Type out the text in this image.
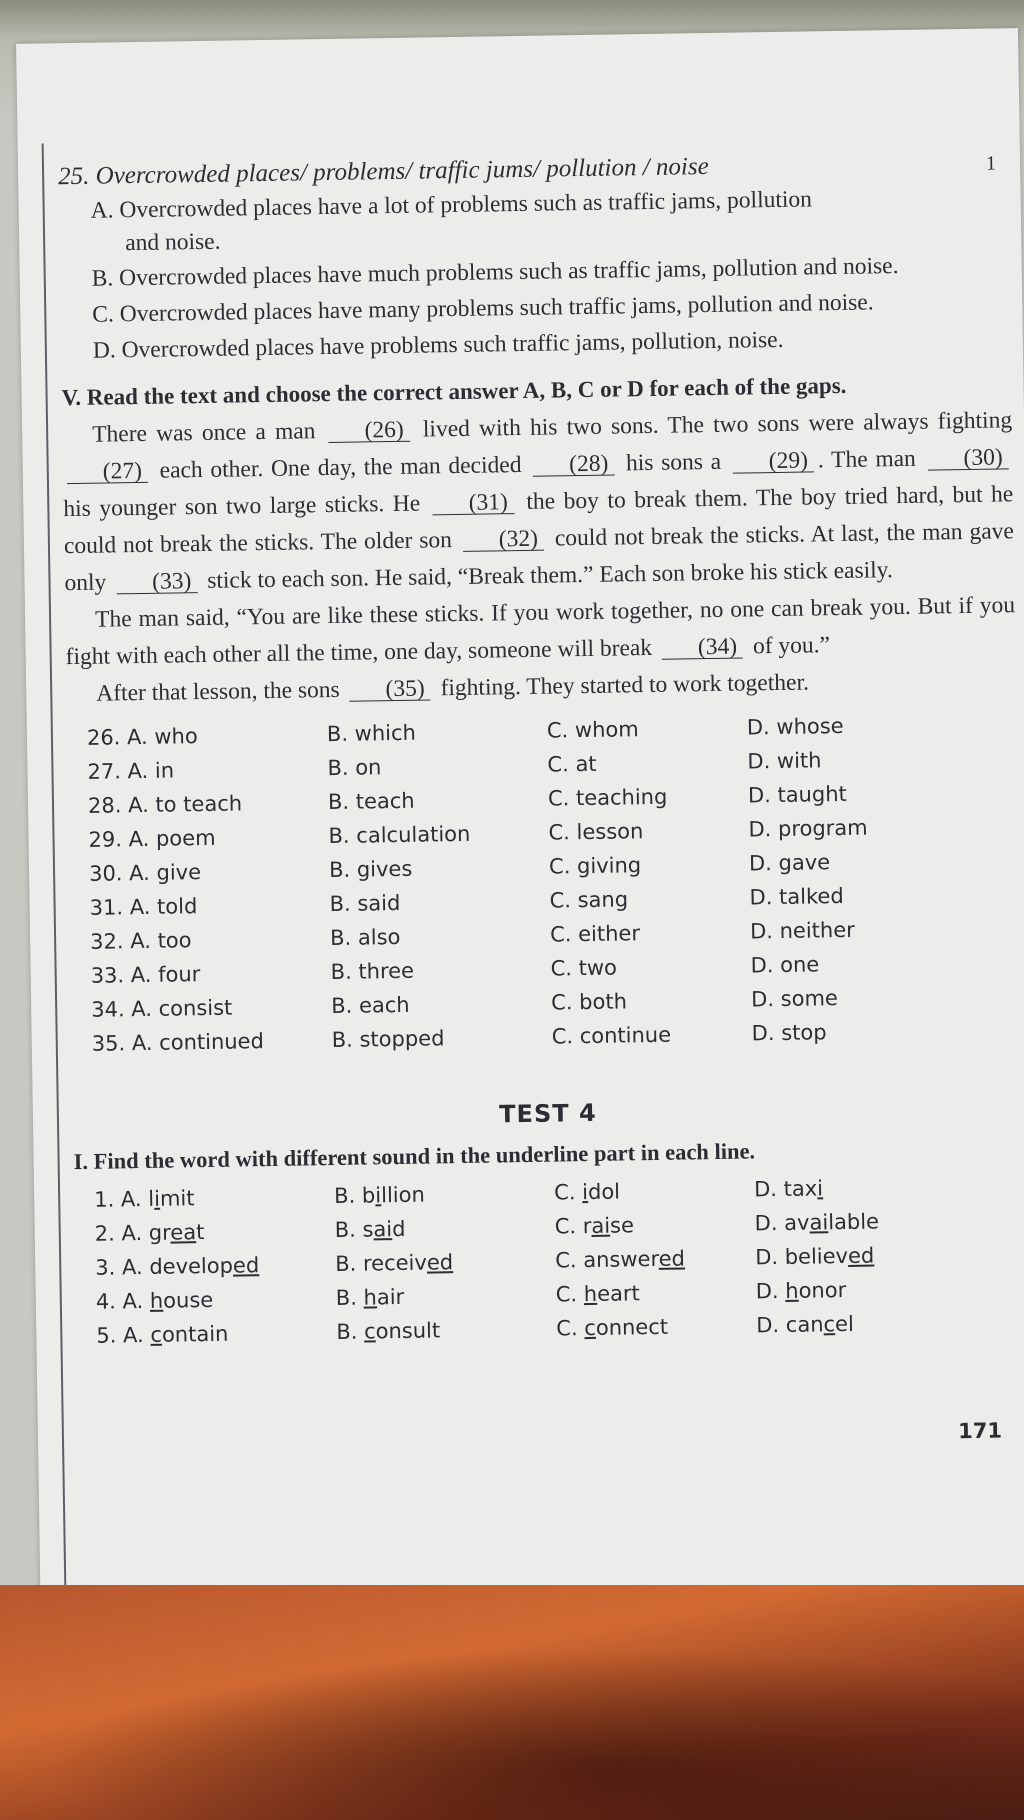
1
25. Overcrowded places/ problems/ traffic jums/ pollution / noise
A. Overcrowded places have a lot of problems such as traffic jams, pollution
and noise.
B. Overcrowded places have much problems such as traffic jams, pollution and noise.
C. Overcrowded places have many problems such traffic jams, pollution and noise.
D. Overcrowded places have problems such traffic jams, pollution, noise.
V. Read the text and choose the correct answer A, B, C or D for each of the gaps.

There was once a man (26) lived with his two sons. The two sons were always fighting (27) each other. One day, the man decided (28) his sons a (29) . The man (30) his younger son two large sticks. He (31) the boy to break them. The boy tried hard, but he could not break the sticks. The older son (32) could not break the sticks. At last, the man gave only (33) stick to each son. He said, “Break them.” Each son broke his stick easily.

The man said, “You are like these sticks. If you work together, no one can break you. But if you fight with each other all the time, one day, someone will break (34) of you.”

After that lesson, the sons (35) fighting. They started to work together.

26. A. who	B. which	C. whom	D. whose
27. A. in	B. on	C. at	D. with
28. A. to teach	B. teach	C. teaching	D. taught
29. A. poem	B. calculation	C. lesson	D. program
30. A. give	B. gives	C. giving	D. gave
31. A. told	B. said	C. sang	D. talked
32. A. too	B. also	C. either	D. neither
33. A. four	B. three	C. two	D. one
34. A. consist	B. each	C. both	D. some
35. A. continued	B. stopped	C. continue	D. stop
TEST 4
I. Find the word with different sound in the underline part in each line.
1. A. limit	B. billion	C. idol	D. taxi
2. A. great	B. said	C. raise	D. available
3. A. developed	B. received	C. answered	D. believed
4. A. house	B. hair	C. heart	D. honor
5. A. contain	B. consult	C. connect	D. cancel
171
